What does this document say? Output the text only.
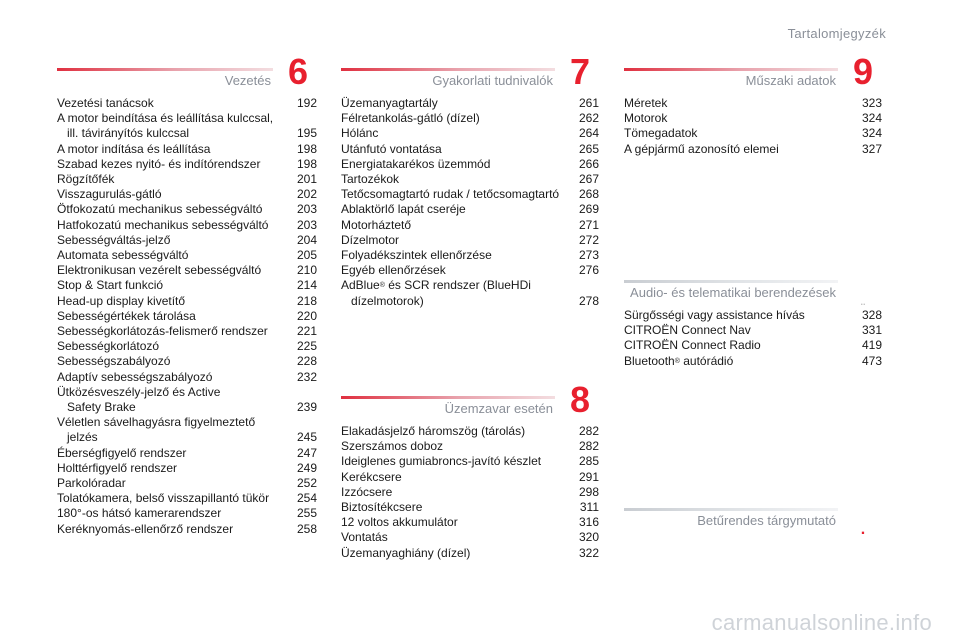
Tartalomjegyzék
Vezetés 6
Vezetési tanácsok	192
A motor beindítása és leállítása kulccsal,
ill. távirányítós kulccsal	195
A motor indítása és leállítása	198
Szabad kezes nyitó- és indítórendszer	198
Rögzítőfék	201
Visszagurulás-gátló	202
Ötfokozatú mechanikus sebességváltó	203
Hatfokozatú mechanikus sebességváltó	203
Sebességváltás-jelző	204
Automata sebességváltó	205
Elektronikusan vezérelt sebességváltó	210
Stop & Start funkció	214
Head-up display kivetítő	218
Sebességértékek tárolása	220
Sebességkorlátozás-felismerő rendszer	221
Sebességkorlátozó	225
Sebességszabályozó	228
Adaptív sebességszabályozó	232
Ütközésveszély-jelző és Active
Safety Brake	239
Véletlen sávelhagyásra figyelmeztető
jelzés	245
Éberségfigyelő rendszer	247
Holttérfigyelő rendszer	249
Parkolóradar	252
Tolatókamera, belső visszapillantó tükör	254
180°-os hátsó kamerarendszer	255
Keréknyomás-ellenőrző rendszer	258
Gyakorlati tudnivalók 7
Üzemanyagtartály	261
Félretankolás-gátló (dízel)	262
Hólánc	264
Utánfutó vontatása	265
Energiatakarékos üzemmód	266
Tartozékok	267
Tetőcsomagtartó rudak / tetőcsomagtartó	268
Ablaktörlő lapát cseréje	269
Motorháztető	271
Dízelmotor	272
Folyadékszintek ellenőrzése	273
Egyéb ellenőrzések	276
AdBlue® és SCR rendszer (BlueHDi
dízelmotorok)	278
Üzemzavar esetén 8
Elakadásjelző háromszög (tárolás)	282
Szerszámos doboz	282
Ideiglenes gumiabroncs-javító készlet	285
Kerékcsere	291
Izzócsere	298
Biztosítékcsere	311
12 voltos akkumulátor	316
Vontatás	320
Üzemanyaghiány (dízel)	322
Műszaki adatok 9
Méretek	323
Motorok	324
Tömegadatok	324
A gépjármű azonosító elemei	327
Audio- és telematikai berendezések
..
Sürgősségi vagy assistance hívás	328
CITROËN Connect Nav	331
CITROËN Connect Radio	419
Bluetooth® autórádió	473
Betűrendes tárgymutató
.
carmanualsonline.info
